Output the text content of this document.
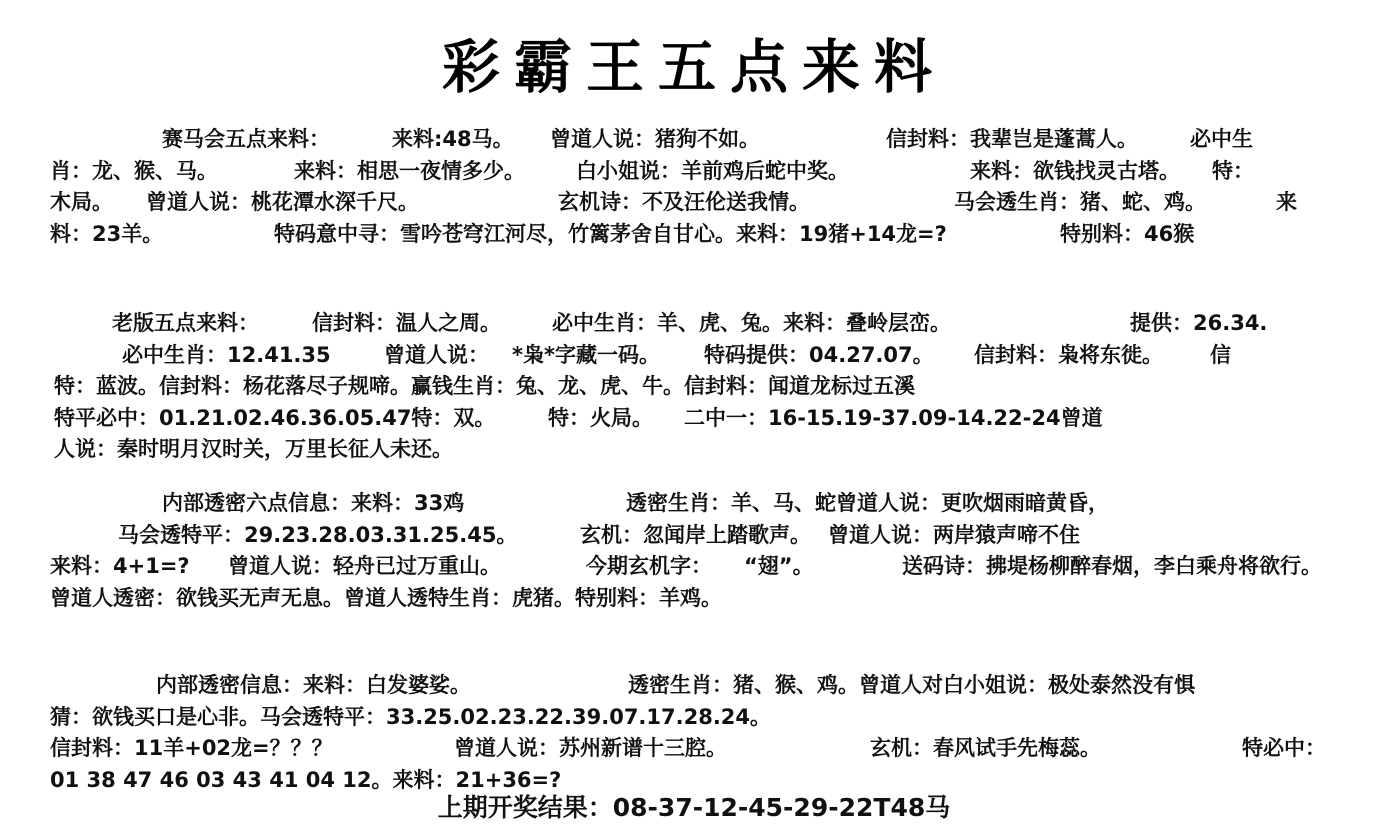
彩霸王五点来料
赛马会五点来料：	来料:48马。 曾道人说：猪狗不如。	信封料：我辈岂是蓬蒿人。 必中生
肖：龙、猴、马。	来料：相思一夜情多少。 白小姐说：羊前鸡后蛇中奖。	来料：欲钱找灵古塔。 特：
木局。 曾道人说：桃花潭水深千尺。	玄机诗：不及汪伦送我情。	马会透生肖：猪、蛇、鸡。	来
料：23羊。	特码意中寻：雪吟苍穹江河尽，竹篱茅舍自甘心。来料：19猪+14龙=?	特别料：46猴
老版五点来料：	信封料：温人之周。 必中生肖：羊、虎、兔。来料：叠岭层峦。	提供：26.34.
必中生肖：12.41.35	曾道人说： *枭*字藏一码。 特码提供：04.27.07。 信封料：枭将东徙。 信
特：蓝波。信封料：杨花落尽子规啼。赢钱生肖：兔、龙、虎、牛。信封料：闻道龙标过五溪
特平必中：01.21.02.46.36.05.47特：双。	特：火局。 二中一：16-15.19-37.09-14.22-24曾道
人说：秦时明月汉时关，万里长征人未还。
内部透密六点信息：来料：33鸡	透密生肖：羊、马、蛇曾道人说：更吹烟雨暗黄昏，
马会透特平：29.23.28.03.31.25.45。	玄机：忽闻岸上踏歌声。 曾道人说：两岸猿声啼不住
来料：4+1=? 曾道人说：轻舟已过万重山。	今期玄机字： “翅”。	送码诗：拂堤杨柳醉春烟，李白乘舟将欲行。
曾道人透密：欲钱买无声无息。曾道人透特生肖：虎猪。特别料：羊鸡。
内部透密信息：来料：白发婆娑。	透密生肖：猪、猴、鸡。曾道人对白小姐说：极处泰然没有惧
猜：欲钱买口是心非。马会透特平：33.25.02.23.22.39.07.17.28.24。
信封料：11羊+02龙=？？？	曾道人说：苏州新谱十三腔。	玄机：春风试手先梅蕊。	特必中：
01 38 47 46 03 43 41 04 12。来料：21+36=?
上期开奖结果：08-37-12-45-29-22T48马
